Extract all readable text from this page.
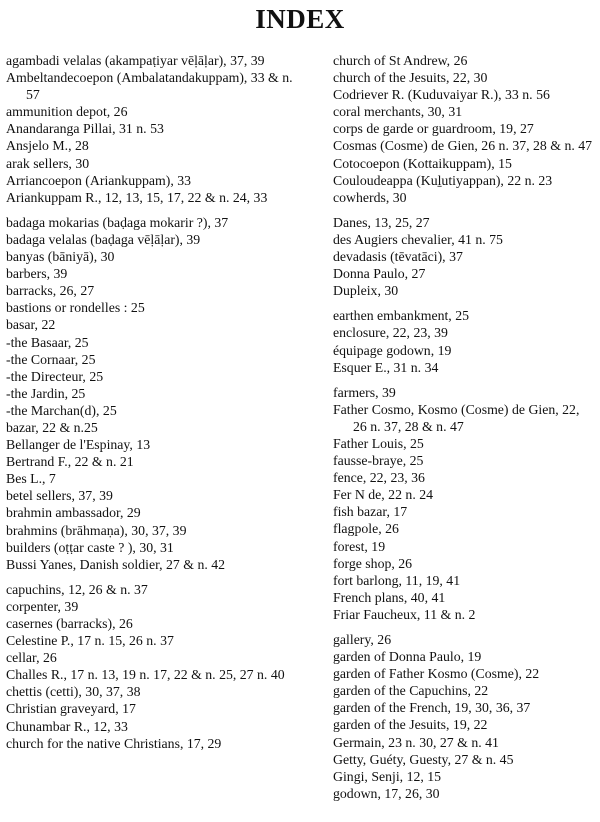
INDEX
agambadi velalas (akampaṭiyar vēḷāḷar), 37, 39
Ambeltandecoepon (Ambalatandakuppam), 33 & n. 57
ammunition depot, 26
Anandaranga Pillai, 31 n. 53
Ansjelo M., 28
arak sellers, 30
Arriancoepon (Ariankuppam), 33
Ariankuppam R., 12, 13, 15, 17, 22 & n. 24, 33
badaga mokarias (baḍaga mokarir ?), 37
badaga velalas (baḍaga vēḷāḷar), 39
banyas (bāniyā), 30
barbers, 39
barracks, 26, 27
bastions or rondelles : 25
basar, 22
-the Basaar, 25
-the Cornaar, 25
-the Directeur, 25
-the Jardin, 25
-the Marchan(d), 25
bazar, 22 & n.25
Bellanger de l'Espinay, 13
Bertrand F., 22 & n. 21
Bes L., 7
betel sellers, 37, 39
brahmin ambassador, 29
brahmins (brāhmaṇa), 30, 37, 39
builders (oṭṭar caste ? ), 30, 31
Bussi Yanes, Danish soldier, 27 & n. 42
capuchins, 12, 26 & n. 37
corpenter, 39
casernes (barracks), 26
Celestine P., 17 n. 15, 26 n. 37
cellar, 26
Challes R., 17 n. 13, 19 n. 17, 22 & n. 25, 27 n. 40
chettis (cetti), 30, 37, 38
Christian graveyard, 17
Chunambar R., 12, 33
church for the native Christians, 17, 29
church of St Andrew, 26
church of the Jesuits, 22, 30
Codriever R. (Kuduvaiyar R.), 33 n. 56
coral merchants, 30, 31
corps de garde or guardroom, 19, 27
Cosmas (Cosme) de Gien, 26 n. 37, 28 & n. 47
Cotocoepon (Kottaikuppam), 15
Couloudeappa (Kuḻutiyappan), 22 n. 23
cowherds, 30
Danes, 13, 25, 27
des Augiers chevalier, 41 n. 75
devadasis (tēvatāci), 37
Donna Paulo, 27
Dupleix, 30
earthen embankment, 25
enclosure, 22, 23, 39
équipage godown, 19
Esquer E., 31 n. 34
farmers, 39
Father Cosmo, Kosmo (Cosme) de Gien, 22, 26 n. 37, 28 & n. 47
Father Louis, 25
fausse-braye, 25
fence, 22, 23, 36
Fer N de, 22 n. 24
fish bazar, 17
flagpole, 26
forest, 19
forge shop, 26
fort barlong, 11, 19, 41
French plans, 40, 41
Friar Faucheux, 11 & n. 2
gallery, 26
garden of Donna Paulo, 19
garden of Father Kosmo (Cosme), 22
garden of the Capuchins, 22
garden of the French, 19, 30, 36, 37
garden of the Jesuits, 19, 22
Germain, 23 n. 30, 27 & n. 41
Getty, Guéty, Guesty, 27 & n. 45
Gingi, Senji, 12, 15
godown, 17, 26, 30
